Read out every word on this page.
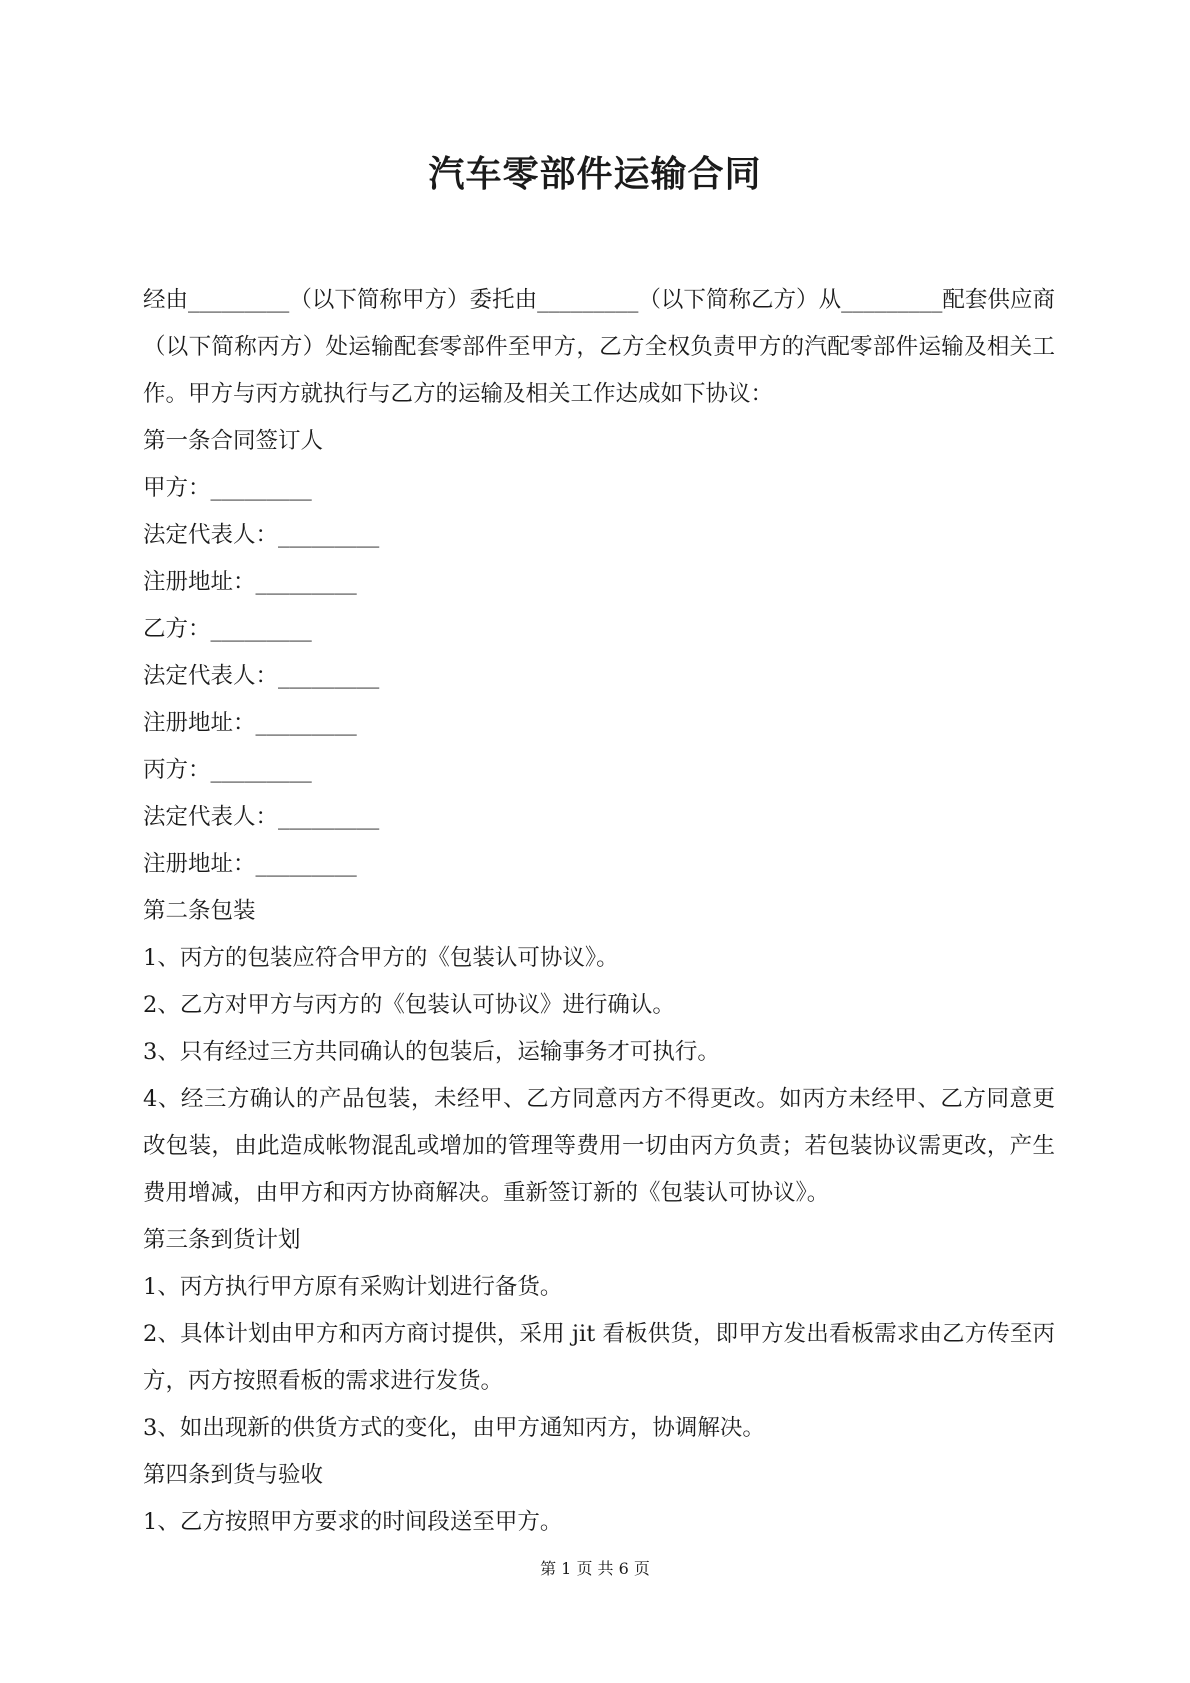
汽车零部件运输合同

经由_________（以下简称甲方）委托由_________（以下简称乙方）从_________配套供应商（以下简称丙方）处运输配套零部件至甲方，乙方全权负责甲方的汽配零部件运输及相关工作。甲方与丙方就执行与乙方的运输及相关工作达成如下协议：

第一条合同签订人

甲方：_________

法定代表人：_________

注册地址：_________

乙方：_________

法定代表人：_________

注册地址：_________

丙方：_________

法定代表人：_________

注册地址：_________

第二条包装

1、丙方的包装应符合甲方的《包装认可协议》。

2、乙方对甲方与丙方的《包装认可协议》进行确认。

3、只有经过三方共同确认的包装后，运输事务才可执行。

4、经三方确认的产品包装，未经甲、乙方同意丙方不得更改。如丙方未经甲、乙方同意更改包装，由此造成帐物混乱或增加的管理等费用一切由丙方负责；若包装协议需更改，产生费用增减，由甲方和丙方协商解决。重新签订新的《包装认可协议》。

第三条到货计划

1、丙方执行甲方原有采购计划进行备货。

2、具体计划由甲方和丙方商讨提供，采用 jit 看板供货，即甲方发出看板需求由乙方传至丙方，丙方按照看板的需求进行发货。

3、如出现新的供货方式的变化，由甲方通知丙方，协调解决。

第四条到货与验收

1、乙方按照甲方要求的时间段送至甲方。

第 1 页 共 6 页
